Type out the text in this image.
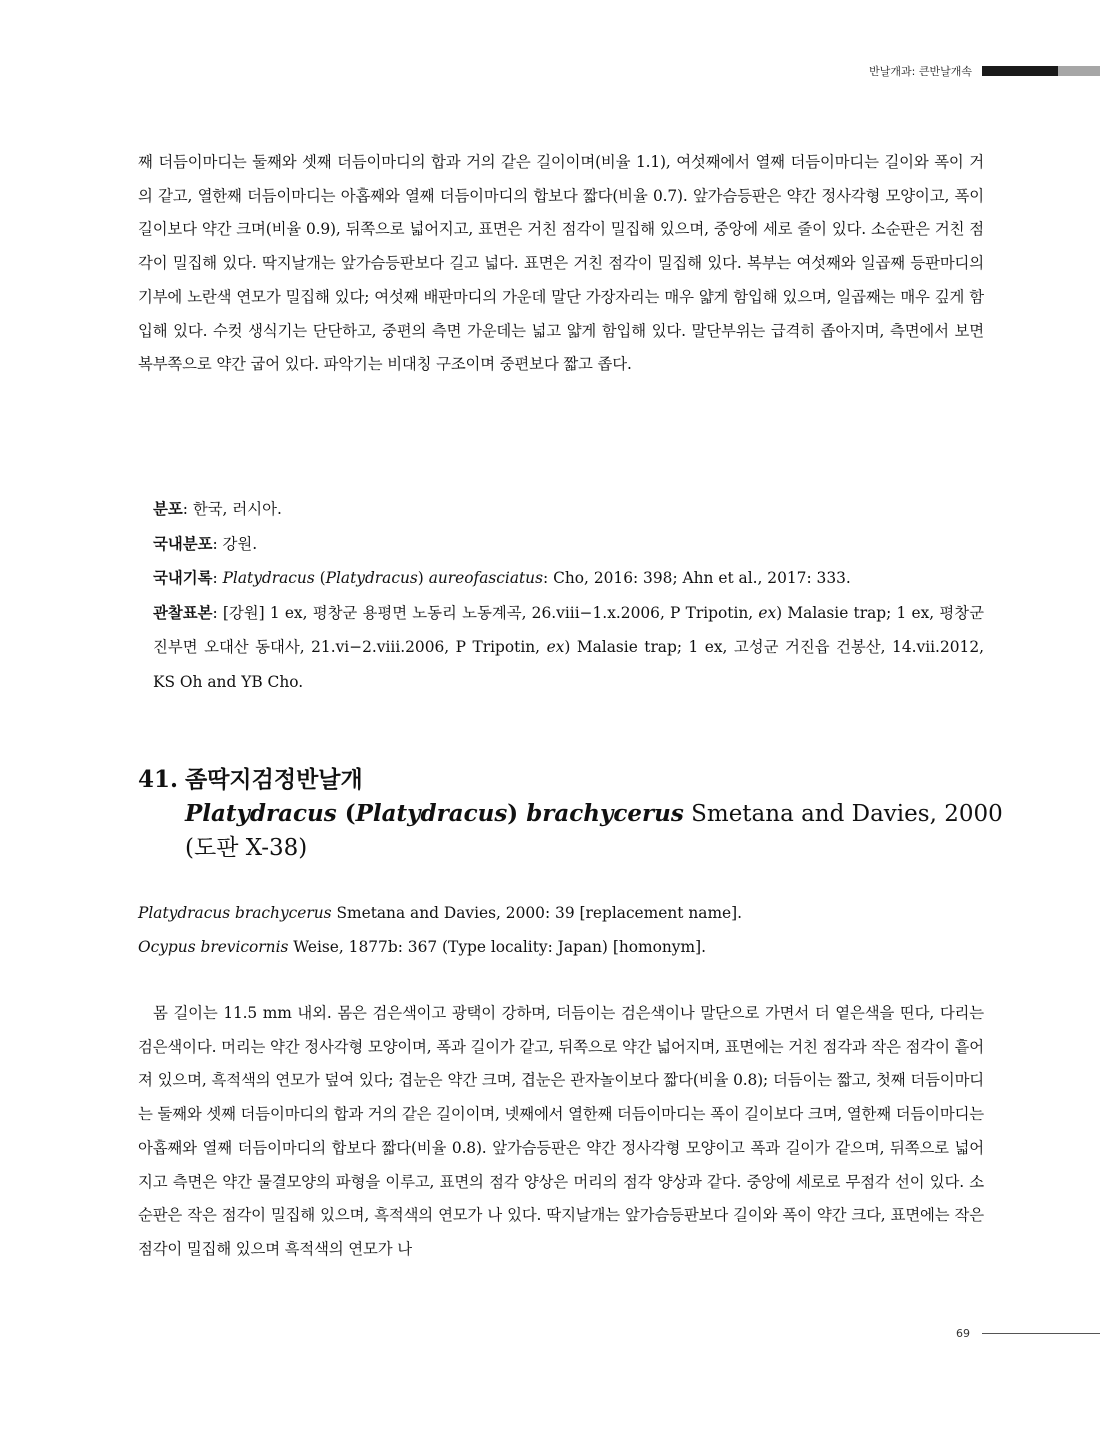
반날개과: 큰반날개속

째 더듬이마디는 둘째와 셋째 더듬이마디의 합과 거의 같은 길이이며(비율 1.1), 여섯째에서 열째 더듬이마디는 길이와 폭이 거의 같고, 열한째 더듬이마디는 아홉째와 열째 더듬이마디의 합보다 짧다(비율 0.7). 앞가슴등판은 약간 정사각형 모양이고, 폭이 길이보다 약간 크며(비율 0.9), 뒤쪽으로 넓어지고, 표면은 거친 점각이 밀집해 있으며, 중앙에 세로 줄이 있다. 소순판은 거친 점각이 밀집해 있다. 딱지날개는 앞가슴등판보다 길고 넓다. 표면은 거친 점각이 밀집해 있다. 복부는 여섯째와 일곱째 등판마디의 기부에 노란색 연모가 밀집해 있다; 여섯째 배판마디의 가운데 말단 가장자리는 매우 얇게 함입해 있으며, 일곱째는 매우 깊게 함입해 있다. 수컷 생식기는 단단하고, 중편의 측면 가운데는 넓고 얇게 함입해 있다. 말단부위는 급격히 좁아지며, 측면에서 보면 복부쪽으로 약간 굽어 있다. 파악기는 비대칭 구조이며 중편보다 짧고 좁다.

분포: 한국, 러시아.

국내분포: 강원.

국내기록: Platydracus (Platydracus) aureofasciatus: Cho, 2016: 398; Ahn et al., 2017: 333.

관찰표본: [강원] 1 ex, 평창군 용평면 노동리 노동계곡, 26.viii−1.x.2006, P Tripotin, ex) Malasie trap; 1 ex, 평창군 진부면 오대산 동대사, 21.vi−2.viii.2006, P Tripotin, ex) Malasie trap; 1 ex, 고성군 거진읍 건봉산, 14.vii.2012, KS Oh and YB Cho.

41. 좀딱지검정반날개
Platydracus (Platydracus) brachycerus Smetana and Davies, 2000
(도판 X-38)

Platydracus brachycerus Smetana and Davies, 2000: 39 [replacement name].

Ocypus brevicornis Weise, 1877b: 367 (Type locality: Japan) [homonym].

몸 길이는 11.5 mm 내외. 몸은 검은색이고 광택이 강하며, 더듬이는 검은색이나 말단으로 가면서 더 옅은색을 띤다, 다리는 검은색이다. 머리는 약간 정사각형 모양이며, 폭과 길이가 같고, 뒤쪽으로 약간 넓어지며, 표면에는 거친 점각과 작은 점각이 흩어져 있으며, 흑적색의 연모가 덮여 있다; 겹눈은 약간 크며, 겹눈은 관자놀이보다 짧다(비율 0.8); 더듬이는 짧고, 첫째 더듬이마디는 둘째와 셋째 더듬이마디의 합과 거의 같은 길이이며, 넷째에서 열한째 더듬이마디는 폭이 길이보다 크며, 열한째 더듬이마디는 아홉째와 열째 더듬이마디의 합보다 짧다(비율 0.8). 앞가슴등판은 약간 정사각형 모양이고 폭과 길이가 같으며, 뒤쪽으로 넓어지고 측면은 약간 물결모양의 파형을 이루고, 표면의 점각 양상은 머리의 점각 양상과 같다. 중앙에 세로로 무점각 선이 있다. 소순판은 작은 점각이 밀집해 있으며, 흑적색의 연모가 나 있다. 딱지날개는 앞가슴등판보다 길이와 폭이 약간 크다, 표면에는 작은 점각이 밀집해 있으며 흑적색의 연모가 나

69
